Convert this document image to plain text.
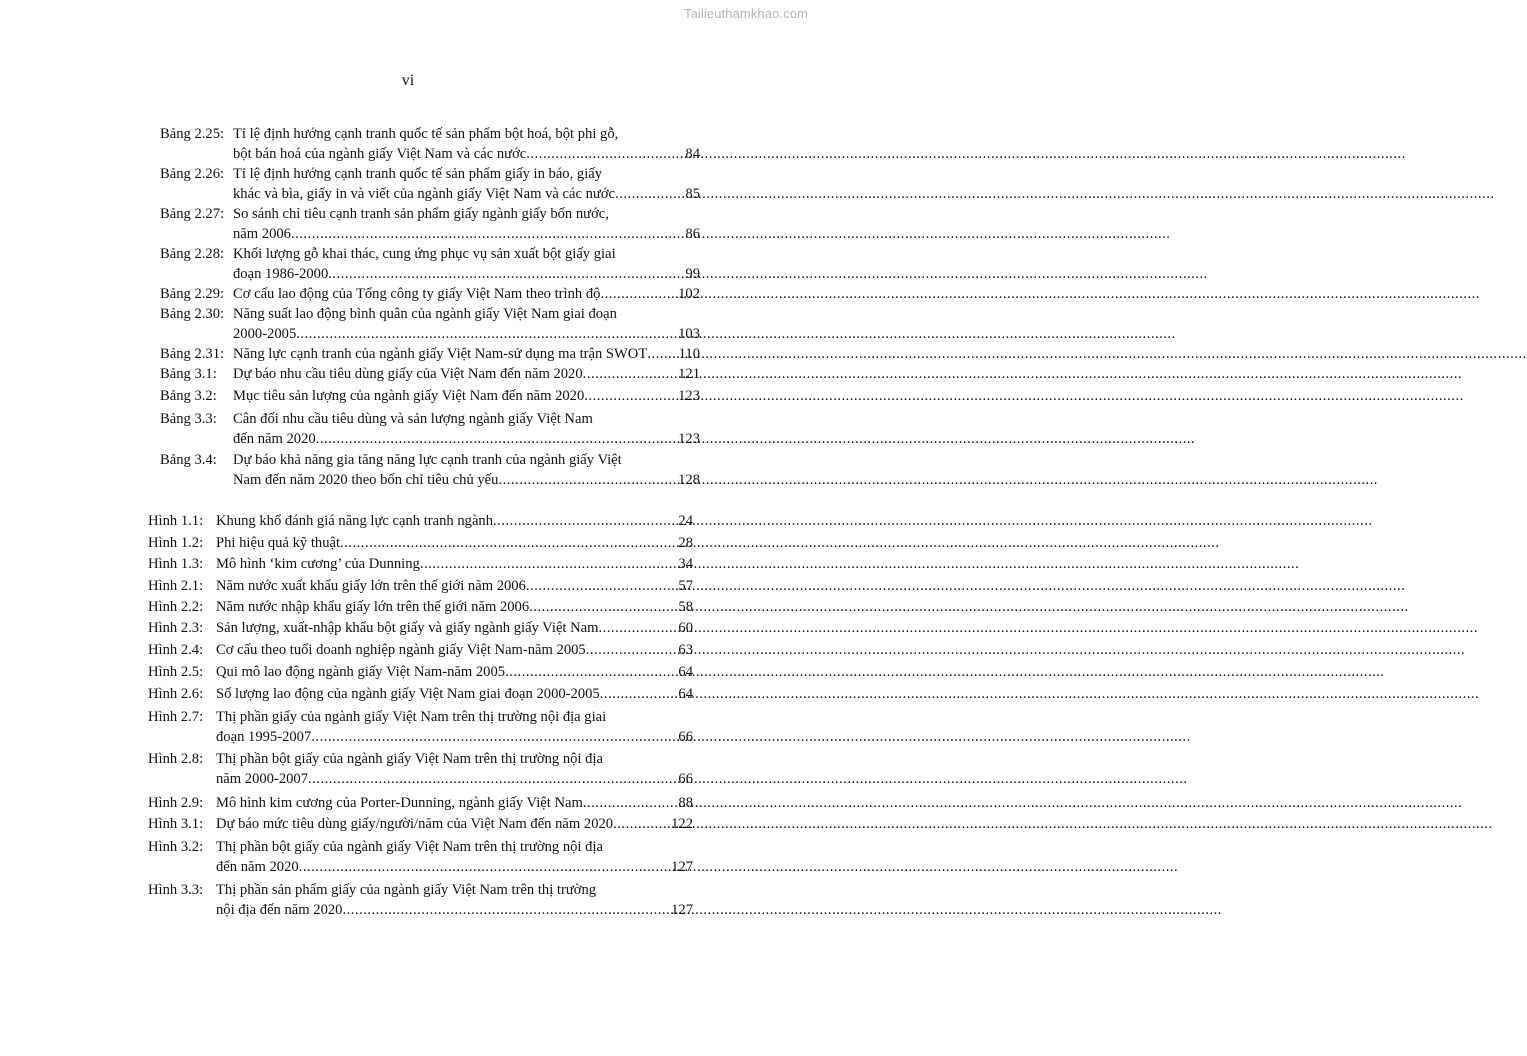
Tailieuthamkhao.com
vi
Bảng 2.25: Tỉ lệ định hướng cạnh tranh quốc tế sản phẩm bột hoá, bột phi gỗ,
bột bán hoá của ngành giấy Việt Nam và các nước .....	84
Bảng 2.26: Tỉ lệ định hướng cạnh tranh quốc tế sản phẩm giấy in báo, giấy
khác và bìa, giấy in và viết của ngành giấy Việt Nam và các nước .....	85
Bảng 2.27: So sánh chỉ tiêu cạnh tranh sản phẩm giấy ngành giấy bốn nước,
năm 2006 .....	86
Bảng 2.28: Khối lượng gỗ khai thác, cung ứng phục vụ sản xuất bột giấy giai
đoạn 1986-2000 .....	99
Bảng 2.29: Cơ cấu lao động của Tổng công ty giấy Việt Nam theo trình độ .....	102
Bảng 2.30: Năng suất lao động bình quân của ngành giấy Việt Nam giai đoạn
2000-2005 .....	103
Bảng 2.31: Năng lực cạnh tranh của ngành giấy Việt Nam-sử dụng ma trận SWOT ..... 110
Bảng 3.1:	Dự báo nhu cầu tiêu dùng giấy của Việt Nam đến năm 2020 .....	121
Bảng 3.2:	Mục tiêu sản lượng của ngành giấy Việt Nam đến năm 2020 .....	123
Bảng 3.3:	Cân đối nhu cầu tiêu dùng và sản lượng ngành giấy Việt Nam
đến năm 2020 .....	123
Bảng 3.4:	Dự báo khả năng gia tăng năng lực cạnh tranh của ngành giấy Việt
Nam đến năm 2020 theo bốn chỉ tiêu chủ yếu .....	128
Hình 1.1: Khung khổ đánh giá năng lực cạnh tranh ngành .....	24
Hình 1.2: Phi hiệu quả kỹ thuật .....	28
Hình 1.3: Mô hình ‘kim cương’ của Dunning .....	34
Hình 2.1: Năm nước xuất khẩu giấy lớn trên thế giới năm 2006 .....	57
Hình 2.2: Năm nước nhập khẩu giấy lớn trên thế giới năm 2006 .....	58
Hình 2.3: Sản lượng, xuất-nhập khẩu bột giấy và giấy ngành giấy Việt Nam .....	60
Hình 2.4: Cơ cấu theo tuổi doanh nghiệp ngành giấy Việt Nam-năm 2005 .....	63
Hình 2.5: Qui mô lao động ngành giấy Việt Nam-năm 2005 .....	64
Hình 2.6: Số lượng lao động của ngành giấy Việt Nam giai đoạn 2000-2005 .....	64
Hình 2.7: Thị phần giấy của ngành giấy Việt Nam trên thị trường nội địa giai
đoạn 1995-2007 .....	66
Hình 2.8: Thị phần bột giấy của ngành giấy Việt Nam trên thị trường nội địa
năm 2000-2007 .....	66
Hình 2.9: Mô hình kim cương của Porter-Dunning, ngành giấy Việt Nam .....	88
Hình 3.1: Dự báo mức tiêu dùng giấy/người/năm của Việt Nam đến năm 2020 .....	122
Hình 3.2: Thị phần bột giấy của ngành giấy Việt Nam trên thị trường nội địa
đến năm 2020 .....	127
Hình 3.3: Thị phần sản phẩm giấy của ngành giấy Việt Nam trên thị trường
nội địa đến năm 2020 .....	127
